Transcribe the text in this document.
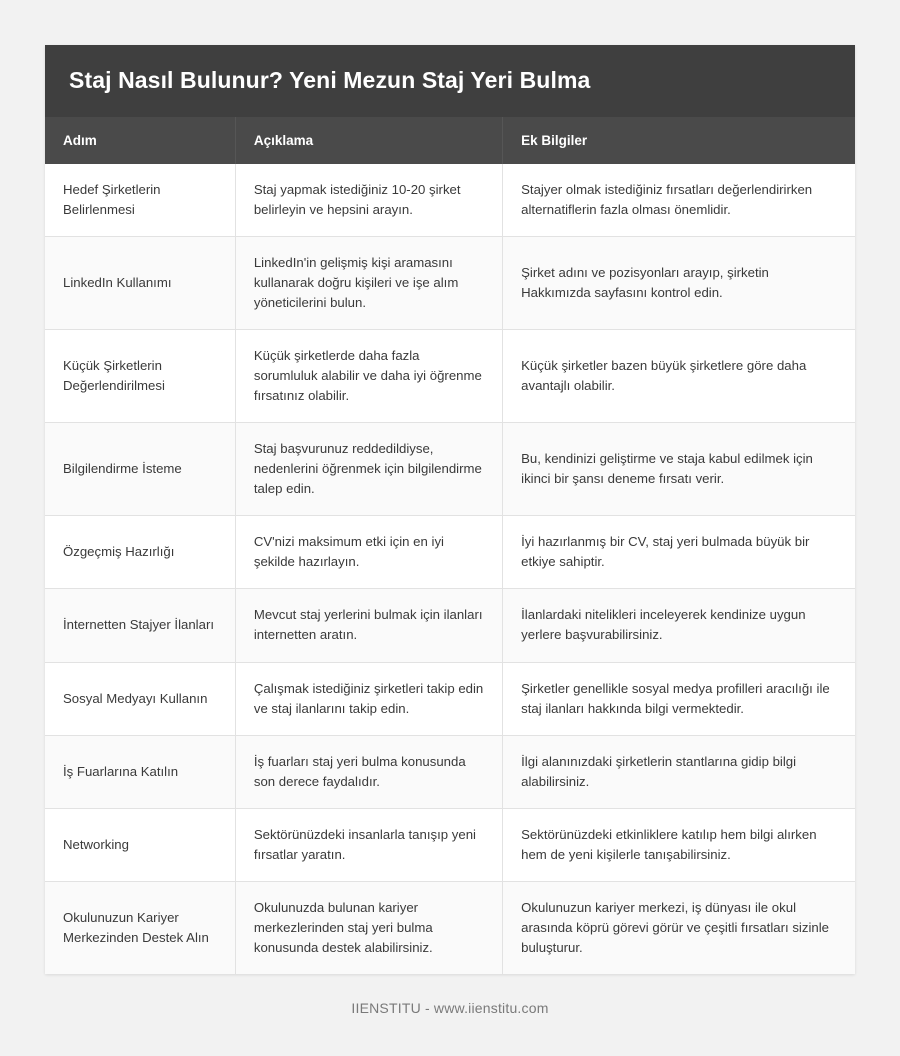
Staj Nasıl Bulunur? Yeni Mezun Staj Yeri Bulma
Adım	Açıklama	Ek Bilgiler
Hedef Şirketlerin Belirlenmesi	Staj yapmak istediğiniz 10-20 şirket belirleyin ve hepsini arayın.	Stajyer olmak istediğiniz fırsatları değerlendirirken alternatiflerin fazla olması önemlidir.
LinkedIn Kullanımı	LinkedIn'in gelişmiş kişi aramasını kullanarak doğru kişileri ve işe alım yöneticilerini bulun.	Şirket adını ve pozisyonları arayıp, şirketin Hakkımızda sayfasını kontrol edin.
Küçük Şirketlerin Değerlendirilmesi	Küçük şirketlerde daha fazla sorumluluk alabilir ve daha iyi öğrenme fırsatınız olabilir.	Küçük şirketler bazen büyük şirketlere göre daha avantajlı olabilir.
Bilgilendirme İsteme	Staj başvurunuz reddedildiyse, nedenlerini öğrenmek için bilgilendirme talep edin.	Bu, kendinizi geliştirme ve staja kabul edilmek için ikinci bir şansı deneme fırsatı verir.
Özgeçmiş Hazırlığı	CV'nizi maksimum etki için en iyi şekilde hazırlayın.	İyi hazırlanmış bir CV, staj yeri bulmada büyük bir etkiye sahiptir.
İnternetten Stajyer İlanları	Mevcut staj yerlerini bulmak için ilanları internetten aratın.	İlanlardaki nitelikleri inceleyerek kendinize uygun yerlere başvurabilirsiniz.
Sosyal Medyayı Kullanın	Çalışmak istediğiniz şirketleri takip edin ve staj ilanlarını takip edin.	Şirketler genellikle sosyal medya profilleri aracılığı ile staj ilanları hakkında bilgi vermektedir.
İş Fuarlarına Katılın	İş fuarları staj yeri bulma konusunda son derece faydalıdır.	İlgi alanınızdaki şirketlerin stantlarına gidip bilgi alabilirsiniz.
Networking	Sektörünüzdeki insanlarla tanışıp yeni fırsatlar yaratın.	Sektörünüzdeki etkinliklere katılıp hem bilgi alırken hem de yeni kişilerle tanışabilirsiniz.
Okulunuzun Kariyer Merkezinden Destek Alın	Okulunuzda bulunan kariyer merkezlerinden staj yeri bulma konusunda destek alabilirsiniz.	Okulunuzun kariyer merkezi, iş dünyası ile okul arasında köprü görevi görür ve çeşitli fırsatları sizinle buluşturur.
IIENSTITU - www.iienstitu.com
